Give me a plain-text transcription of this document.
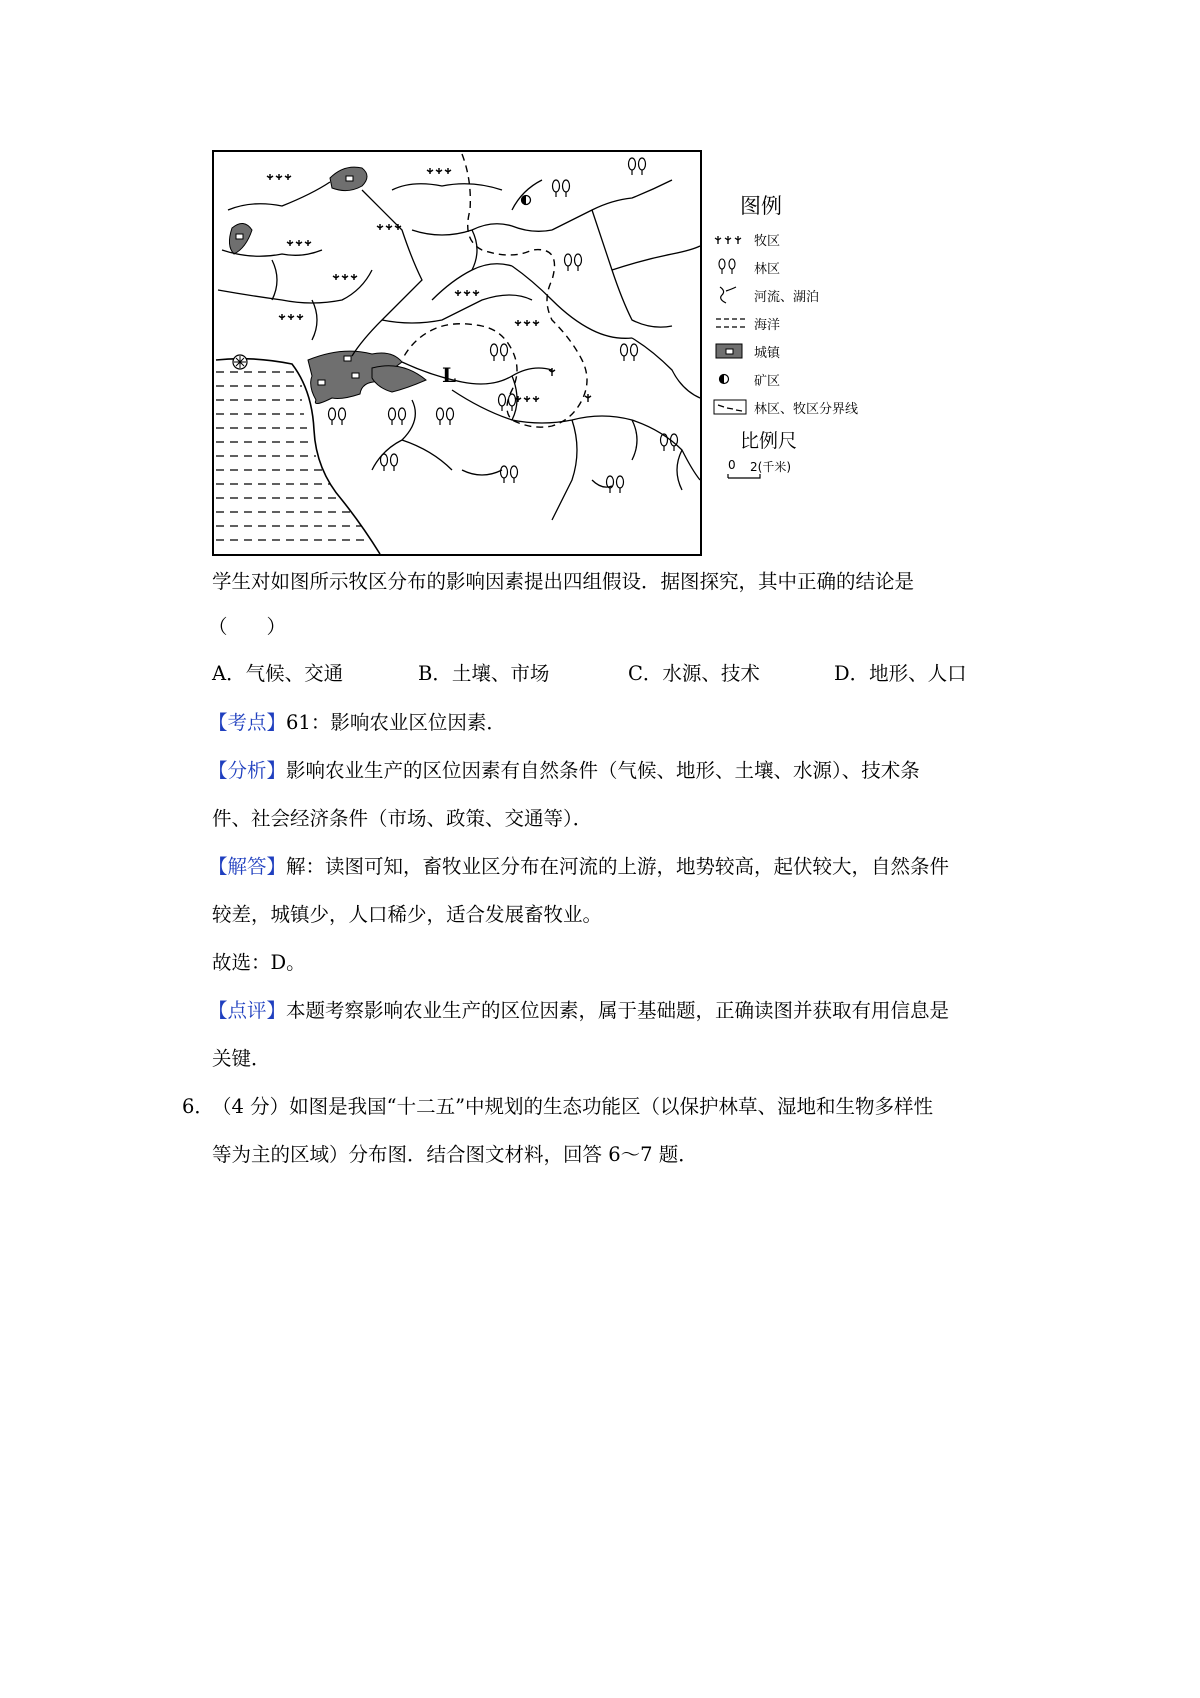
L
图例
牧区
林区
河流、湖泊
海洋
城镇
矿区
林区、牧区分界线
比例尺
0 2(千米)
学生对如图所示牧区分布的影响因素提出四组假设．据图探究，其中正确的结论是
（　　）
A．气候、交通	B．土壤、市场	C．水源、技术	D．地形、人口
【考点】61：影响农业区位因素．
【分析】影响农业生产的区位因素有自然条件（气候、地形、土壤、水源）、技术条
件、社会经济条件（市场、政策、交通等）．
【解答】解：读图可知，畜牧业区分布在河流的上游，地势较高，起伏较大，自然条件
较差，城镇少，人口稀少，适合发展畜牧业。
故选：D。
【点评】本题考察影响农业生产的区位因素，属于基础题，正确读图并获取有用信息是
关键．
6．
（4 分）如图是我国“十二五”中规划的生态功能区（以保护林草、湿地和生物多样性
等为主的区域）分布图．结合图文材料，回答 6～7 题．
